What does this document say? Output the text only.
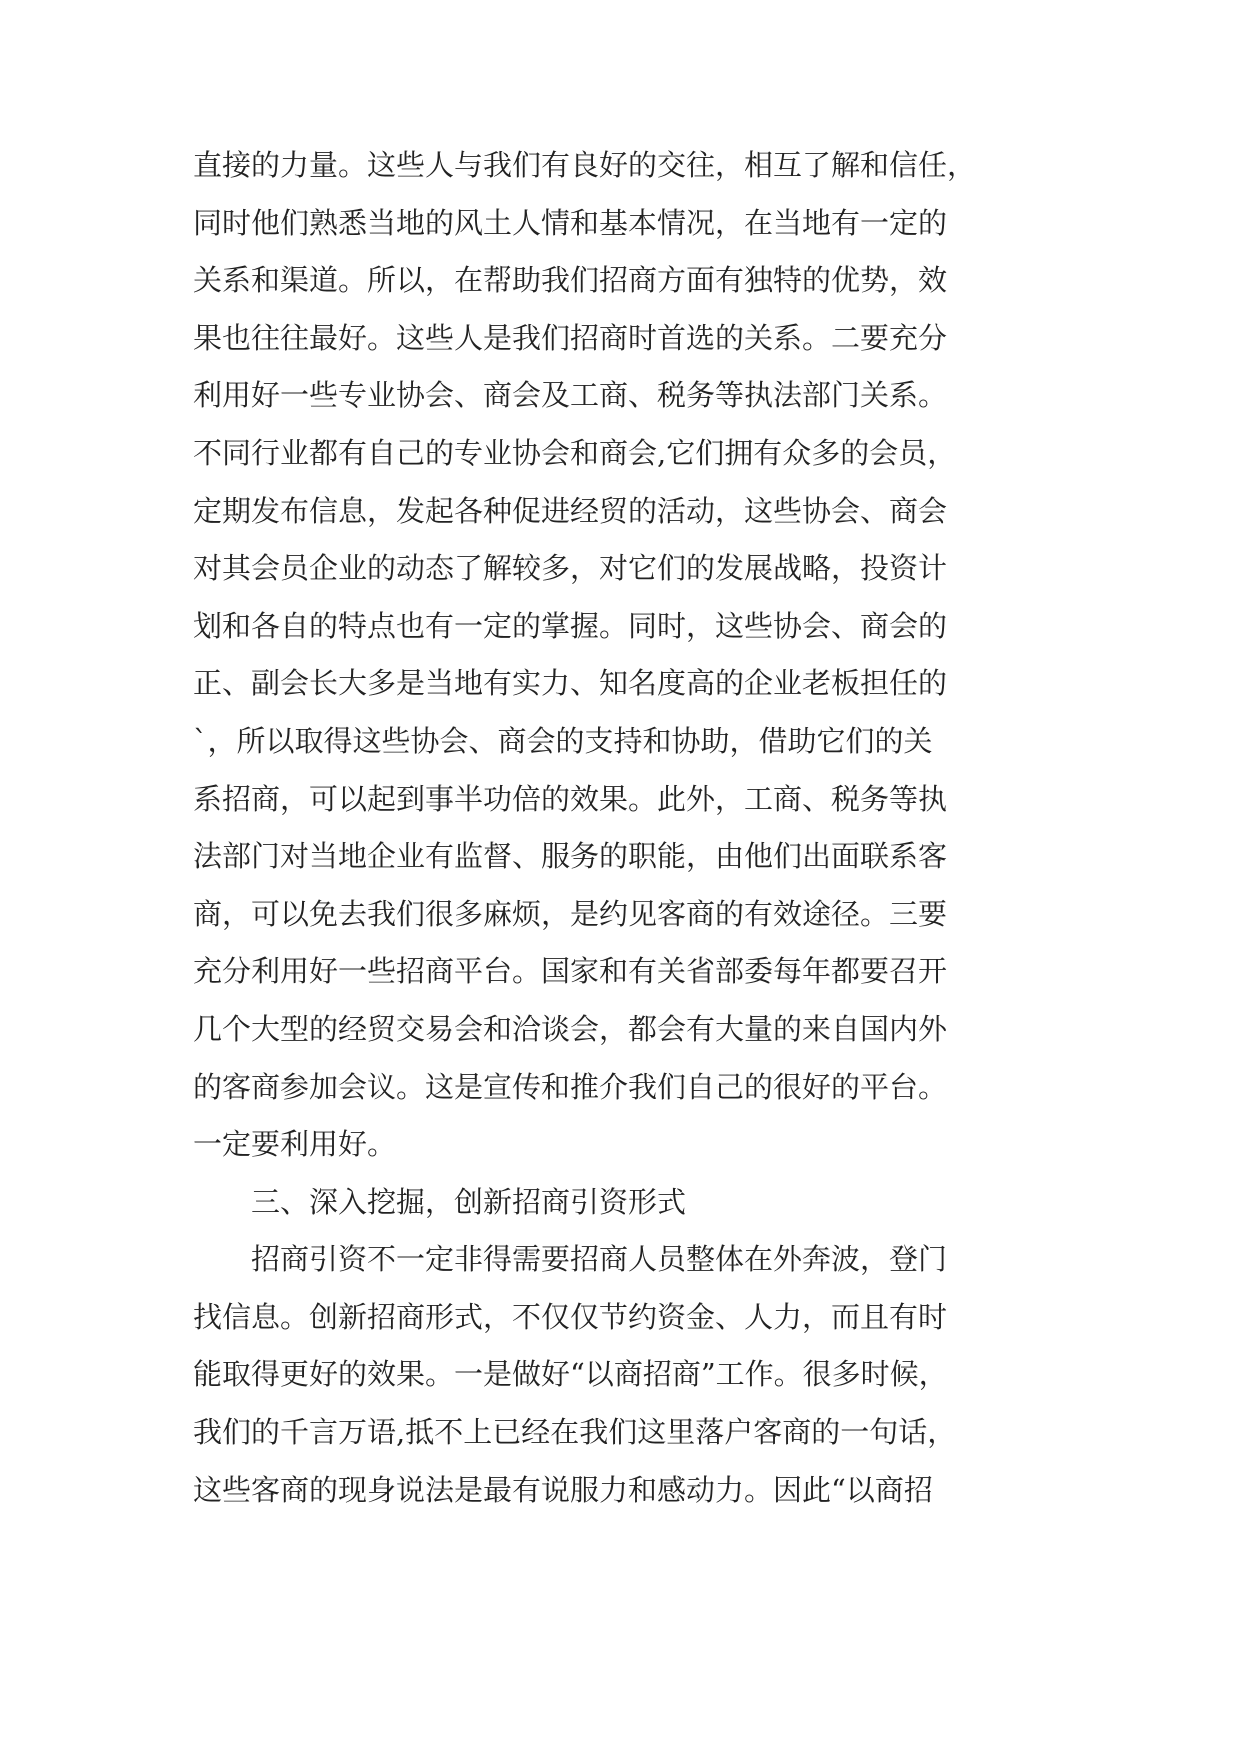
直接的力量。这些人与我们有良好的交往，相互了解和信任，
同时他们熟悉当地的风土人情和基本情况，在当地有一定的
关系和渠道。所以，在帮助我们招商方面有独特的优势，效
果也往往最好。这些人是我们招商时首选的关系。二要充分
利用好一些专业协会、商会及工商、税务等执法部门关系。
不同行业都有自己的专业协会和商会,它们拥有众多的会员，
定期发布信息，发起各种促进经贸的活动，这些协会、商会
对其会员企业的动态了解较多，对它们的发展战略，投资计
划和各自的特点也有一定的掌握。同时，这些协会、商会的
正、副会长大多是当地有实力、知名度高的企业老板担任的
`，所以取得这些协会、商会的支持和协助，借助它们的关
系招商，可以起到事半功倍的效果。此外，工商、税务等执
法部门对当地企业有监督、服务的职能，由他们出面联系客
商，可以免去我们很多麻烦，是约见客商的有效途径。三要
充分利用好一些招商平台。国家和有关省部委每年都要召开
几个大型的经贸交易会和洽谈会，都会有大量的来自国内外
的客商参加会议。这是宣传和推介我们自己的很好的平台。
一定要利用好。
三、深入挖掘，创新招商引资形式
招商引资不一定非得需要招商人员整体在外奔波，登门
找信息。创新招商形式，不仅仅节约资金、人力，而且有时
能取得更好的效果。一是做好“以商招商”工作。很多时候，
我们的千言万语,抵不上已经在我们这里落户客商的一句话，
这些客商的现身说法是最有说服力和感动力。因此“以商招
